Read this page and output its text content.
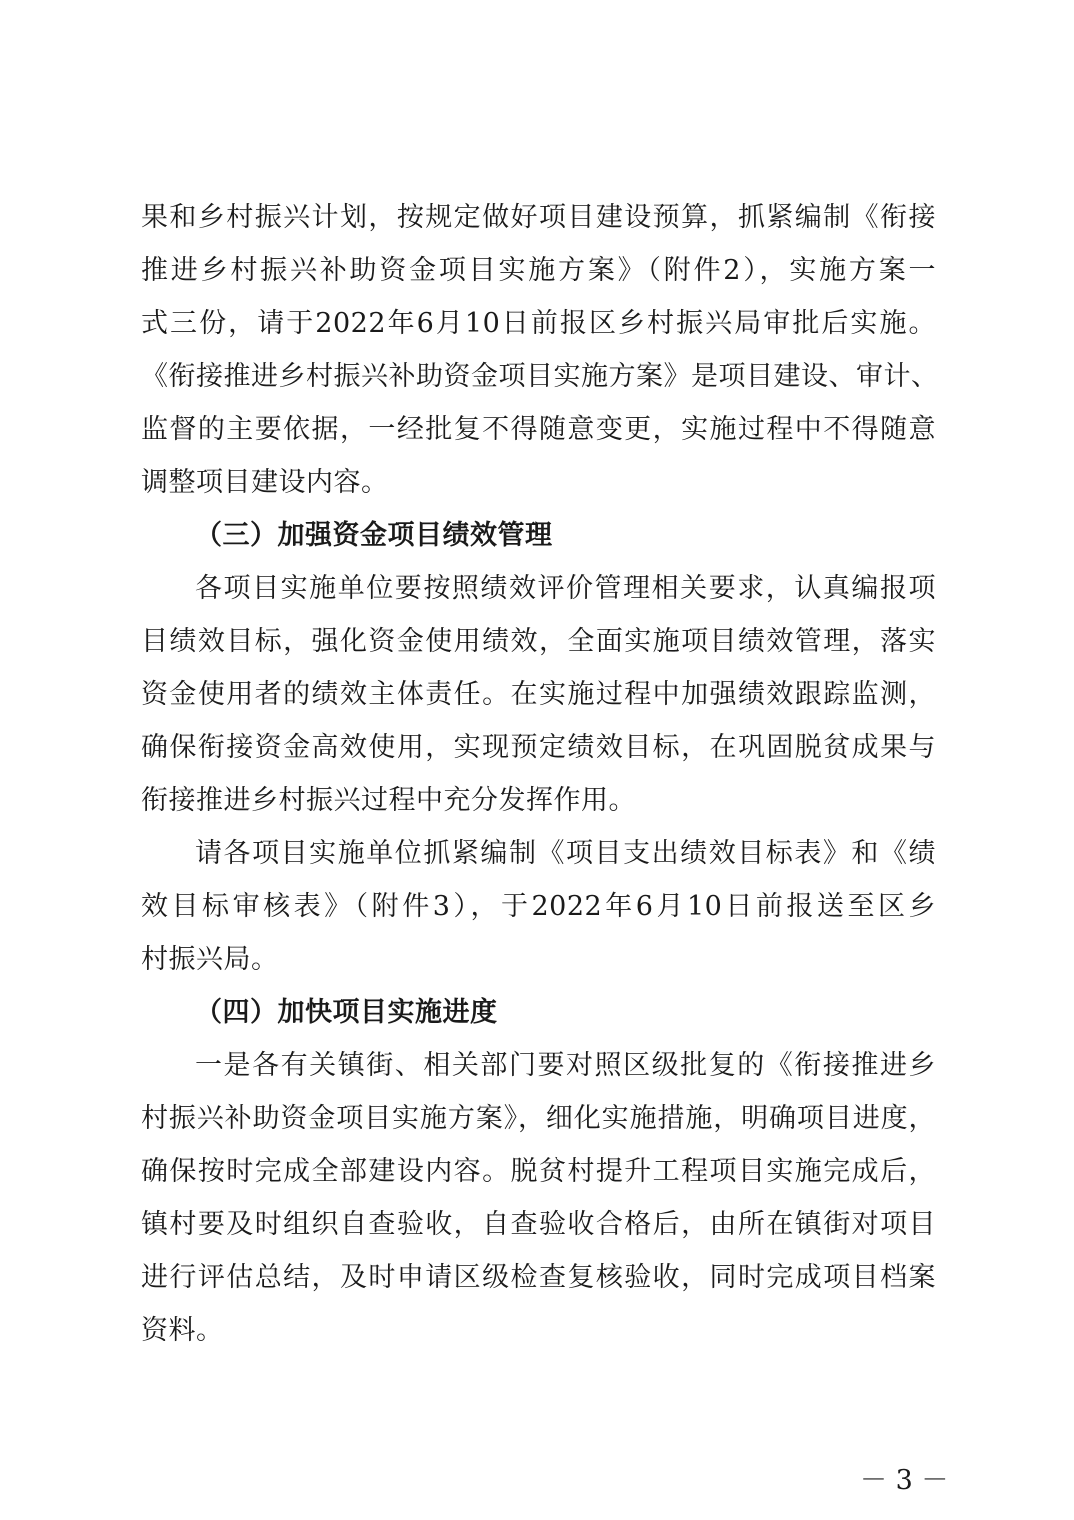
果和乡村振兴计划，按规定做好项目建设预算，抓紧编制《衔接
推进乡村振兴补助资金项目实施方案》（附件2），实施方案一
式三份，请于2022年6月10日前报区乡村振兴局审批后实施。
《衔接推进乡村振兴补助资金项目实施方案》是项目建设、审计、
监督的主要依据，一经批复不得随意变更，实施过程中不得随意
调整项目建设内容。
（三）加强资金项目绩效管理
各项目实施单位要按照绩效评价管理相关要求，认真编报项
目绩效目标，强化资金使用绩效，全面实施项目绩效管理，落实
资金使用者的绩效主体责任。在实施过程中加强绩效跟踪监测，
确保衔接资金高效使用，实现预定绩效目标，在巩固脱贫成果与
衔接推进乡村振兴过程中充分发挥作用。
请各项目实施单位抓紧编制《项目支出绩效目标表》和《绩
效目标审核表》（附件3），于2022年6月10日前报送至区乡
村振兴局。
（四）加快项目实施进度
一是各有关镇街、相关部门要对照区级批复的《衔接推进乡
村振兴补助资金项目实施方案》，细化实施措施，明确项目进度，
确保按时完成全部建设内容。脱贫村提升工程项目实施完成后，
镇村要及时组织自查验收，自查验收合格后，由所在镇街对项目
进行评估总结，及时申请区级检查复核验收，同时完成项目档案
资料。
－ 3 －
